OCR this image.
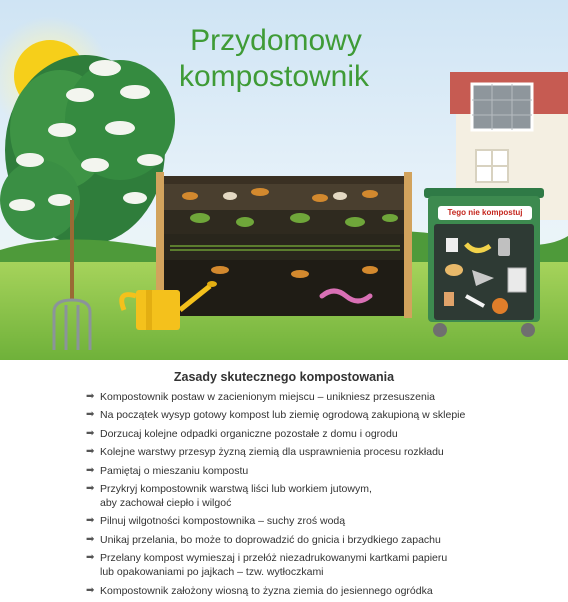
Przydomowy
kompostownik
Tego nie kompostuj
Zasady skutecznego kompostowania
➡ Kompostownik postaw w zacienionym miejscu – unikniesz przesuszenia
➡ Na początek wysyp gotowy kompost lub ziemię ogrodową zakupioną w sklepie
➡ Dorzucaj kolejne odpadki organiczne pozostałe z domu i ogrodu
➡ Kolejne warstwy przesyp żyzną ziemią dla usprawnienia procesu rozkładu
➡ Pamiętaj o mieszaniu kompostu
➡ Przykryj kompostownik warstwą liści lub workiem jutowym,
aby zachował ciepło i wilgoć
➡ Pilnuj wilgotności kompostownika – suchy zroś wodą
➡ Unikaj przelania, bo może to doprowadzić do gnicia i brzydkiego zapachu
➡ Przelany kompost wymieszaj i przełóż niezadrukowanymi kartkami papieru
lub opakowaniami po jajkach – tzw. wytłoczkami
➡ Kompostownik założony wiosną to żyzna ziemia do jesiennego ogródka
